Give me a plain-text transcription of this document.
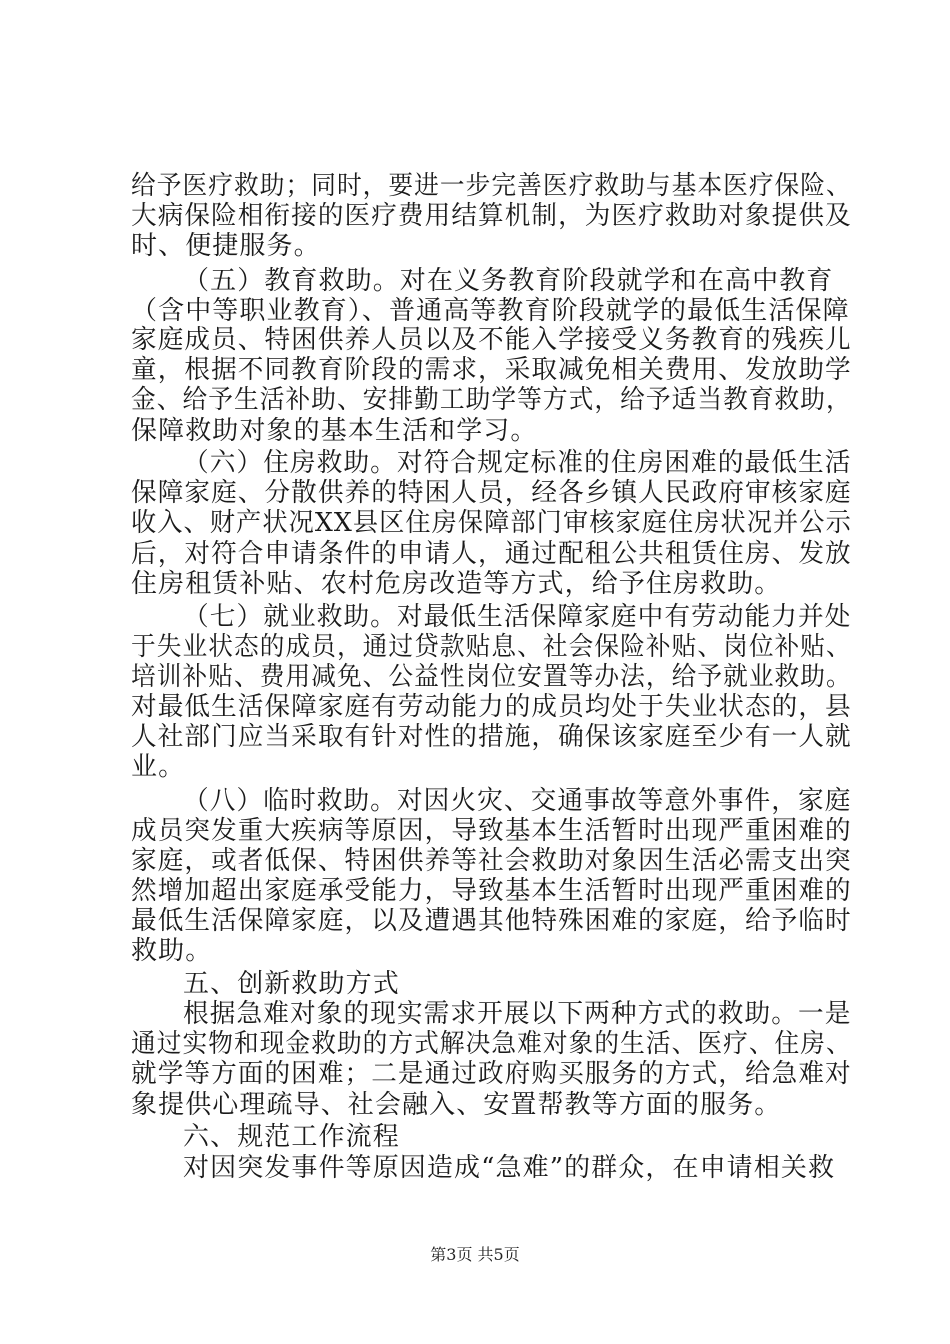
给予医疗救助；同时，要进一步完善医疗救助与基本医疗保险、
大病保险相衔接的医疗费用结算机制，为医疗救助对象提供及
时、便捷服务。
（五）教育救助。对在义务教育阶段就学和在高中教育
（含中等职业教育）、普通高等教育阶段就学的最低生活保障
家庭成员、特困供养人员以及不能入学接受义务教育的残疾儿
童，根据不同教育阶段的需求，采取减免相关费用、发放助学
金、给予生活补助、安排勤工助学等方式，给予适当教育救助，
保障救助对象的基本生活和学习。
（六）住房救助。对符合规定标准的住房困难的最低生活
保障家庭、分散供养的特困人员，经各乡镇人民政府审核家庭
收入、财产状况XX县区住房保障部门审核家庭住房状况并公示
后，对符合申请条件的申请人，通过配租公共租赁住房、发放
住房租赁补贴、农村危房改造等方式，给予住房救助。
（七）就业救助。对最低生活保障家庭中有劳动能力并处
于失业状态的成员，通过贷款贴息、社会保险补贴、岗位补贴、
培训补贴、费用减免、公益性岗位安置等办法，给予就业救助。
对最低生活保障家庭有劳动能力的成员均处于失业状态的，县
人社部门应当采取有针对性的措施，确保该家庭至少有一人就
业。
（八）临时救助。对因火灾、交通事故等意外事件，家庭
成员突发重大疾病等原因，导致基本生活暂时出现严重困难的
家庭，或者低保、特困供养等社会救助对象因生活必需支出突
然增加超出家庭承受能力，导致基本生活暂时出现严重困难的
最低生活保障家庭，以及遭遇其他特殊困难的家庭，给予临时
救助。
五、创新救助方式
根据急难对象的现实需求开展以下两种方式的救助。一是
通过实物和现金救助的方式解决急难对象的生活、医疗、住房、
就学等方面的困难；二是通过政府购买服务的方式，给急难对
象提供心理疏导、社会融入、安置帮教等方面的服务。
六、规范工作流程
对因突发事件等原因造成“急难”的群众，在申请相关救
第3页 共5页
